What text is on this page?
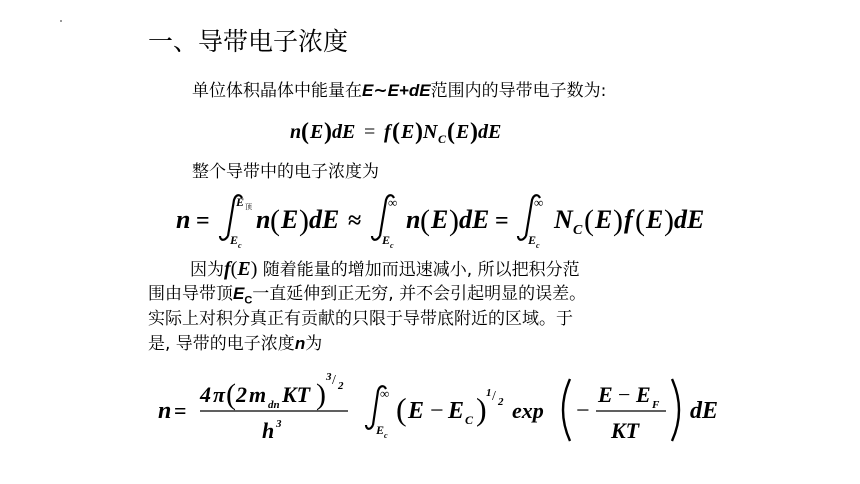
一、导带电子浓度
单位体积晶体中能量在E~E+dE范围内的导带电子数为:
n ( E ) dE = f ( E ) N C ( E ) dE
整个导带中的电子浓度为
n =
E 顶
E c
n ( E ) dE ≈
∞
E c
n ( E ) dE =
∞
E c
N C ( E ) f ( E ) dE
因为f(E) 随着能量的增加而迅速减小, 所以把积分范
围由导带顶$E_C$一直延伸到正无穷, 并不会引起明显的误差。
实际上对积分真正有贡献的只限于导带底附近的区域。于
是, 导带的电子浓度n为
n =
4 π ( 2 m dn KT )
3 / 2
h 3
∞
E c
( E − E C ) 1 / 2 exp −
E − E F
KT
dE
